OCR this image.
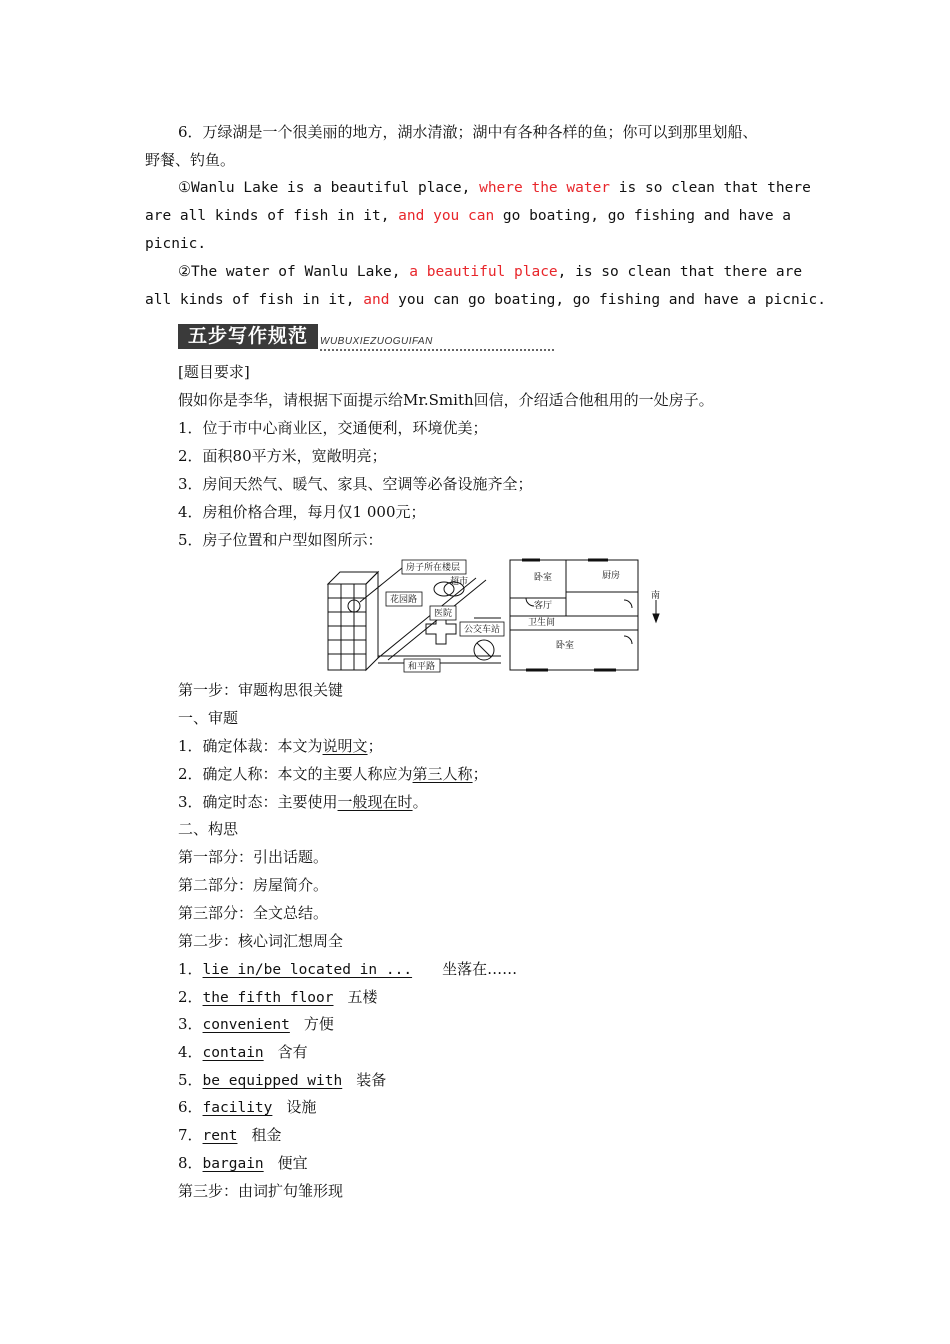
6．万绿湖是一个很美丽的地方，湖水清澈；湖中有各种各样的鱼；你可以到那里划船、
野餐、钓鱼。
①Wanlu Lake is a beautiful place, where the water is so clean that there
are all kinds of fish in it, and you can go boating, go fishing and have a
picnic.
②The water of Wanlu Lake, a beautiful place, is so clean that there are
all kinds of fish in it, and you can go boating, go fishing and have a picnic.
五步写作规范	WUBUXIEZUOGUIFAN
[题目要求]
假如你是李华，请根据下面提示给Mr.Smith回信，介绍适合他租用的一处房子。
1．位于市中心商业区，交通便利，环境优美；
2．面积80平方米，宽敞明亮；
3．房间天然气、暖气、家具、空调等必备设施齐全；
4．房租价格合理，每月仅1 000元；
5．房子位置和户型如图所示：
房子所在楼层
超市
花园路
医院
公交车站
和平路
卧室	厨房
客厅
卫生间
卧室
南
第一步：审题构思很关键
一、审题
1．确定体裁：本文为说明文；
2．确定人称：本文的主要人称应为第三人称；
3．确定时态：主要使用一般现在时。
二、构思
第一部分：引出话题。
第二部分：房屋简介。
第三部分：全文总结。
第二步：核心词汇想周全
1．lie in/be located in ... 坐落在……
2．the fifth floor 五楼
3．convenient 方便
4．contain 含有
5．be equipped with 装备
6．facility 设施
7．rent 租金
8．bargain 便宜
第三步：由词扩句雏形现
